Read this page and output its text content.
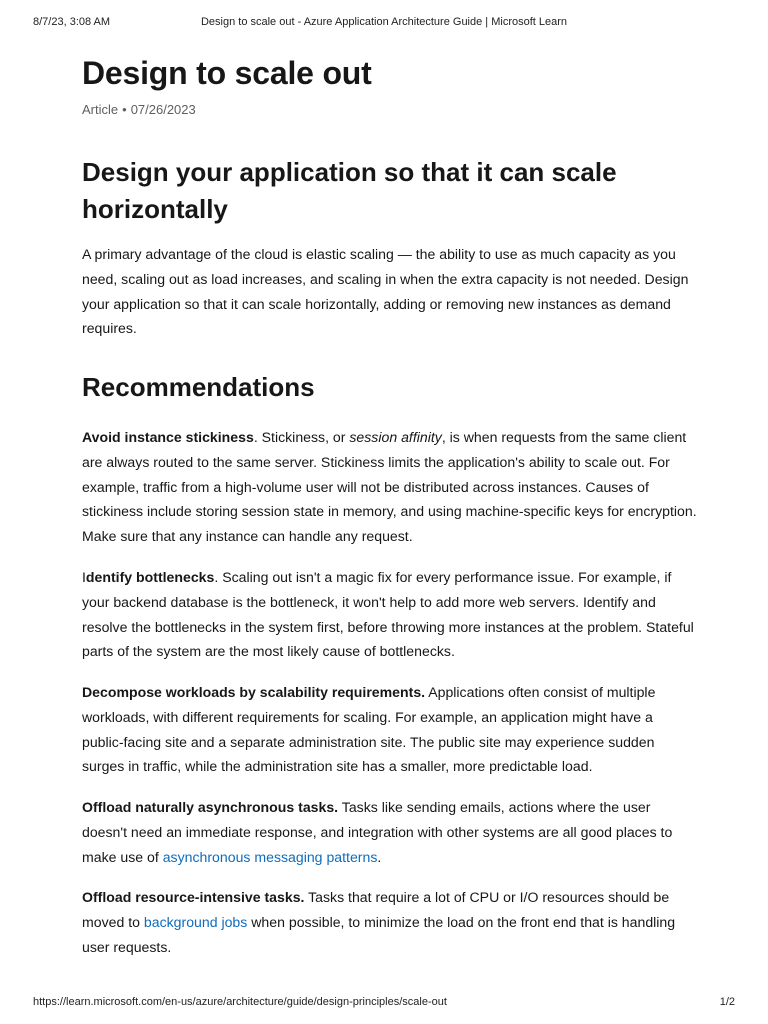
8/7/23, 3:08 AM	Design to scale out - Azure Application Architecture Guide | Microsoft Learn
Design to scale out
Article • 07/26/2023
Design your application so that it can scale horizontally

A primary advantage of the cloud is elastic scaling — the ability to use as much capacity as you need, scaling out as load increases, and scaling in when the extra capacity is not needed. Design your application so that it can scale horizontally, adding or removing new instances as demand requires.

Recommendations

Avoid instance stickiness. Stickiness, or session affinity, is when requests from the same client are always routed to the same server. Stickiness limits the application's ability to scale out. For example, traffic from a high-volume user will not be distributed across instances. Causes of stickiness include storing session state in memory, and using machine-specific keys for encryption. Make sure that any instance can handle any request.

Identify bottlenecks. Scaling out isn't a magic fix for every performance issue. For example, if your backend database is the bottleneck, it won't help to add more web servers. Identify and resolve the bottlenecks in the system first, before throwing more instances at the problem. Stateful parts of the system are the most likely cause of bottlenecks.

Decompose workloads by scalability requirements. Applications often consist of multiple workloads, with different requirements for scaling. For example, an application might have a public-facing site and a separate administration site. The public site may experience sudden surges in traffic, while the administration site has a smaller, more predictable load.

Offload naturally asynchronous tasks. Tasks like sending emails, actions where the user doesn't need an immediate response, and integration with other systems are all good places to make use of asynchronous messaging patterns.

Offload resource-intensive tasks. Tasks that require a lot of CPU or I/O resources should be moved to background jobs when possible, to minimize the load on the front end that is handling user requests.

https://learn.microsoft.com/en-us/azure/architecture/guide/design-principles/scale-out	1/2
